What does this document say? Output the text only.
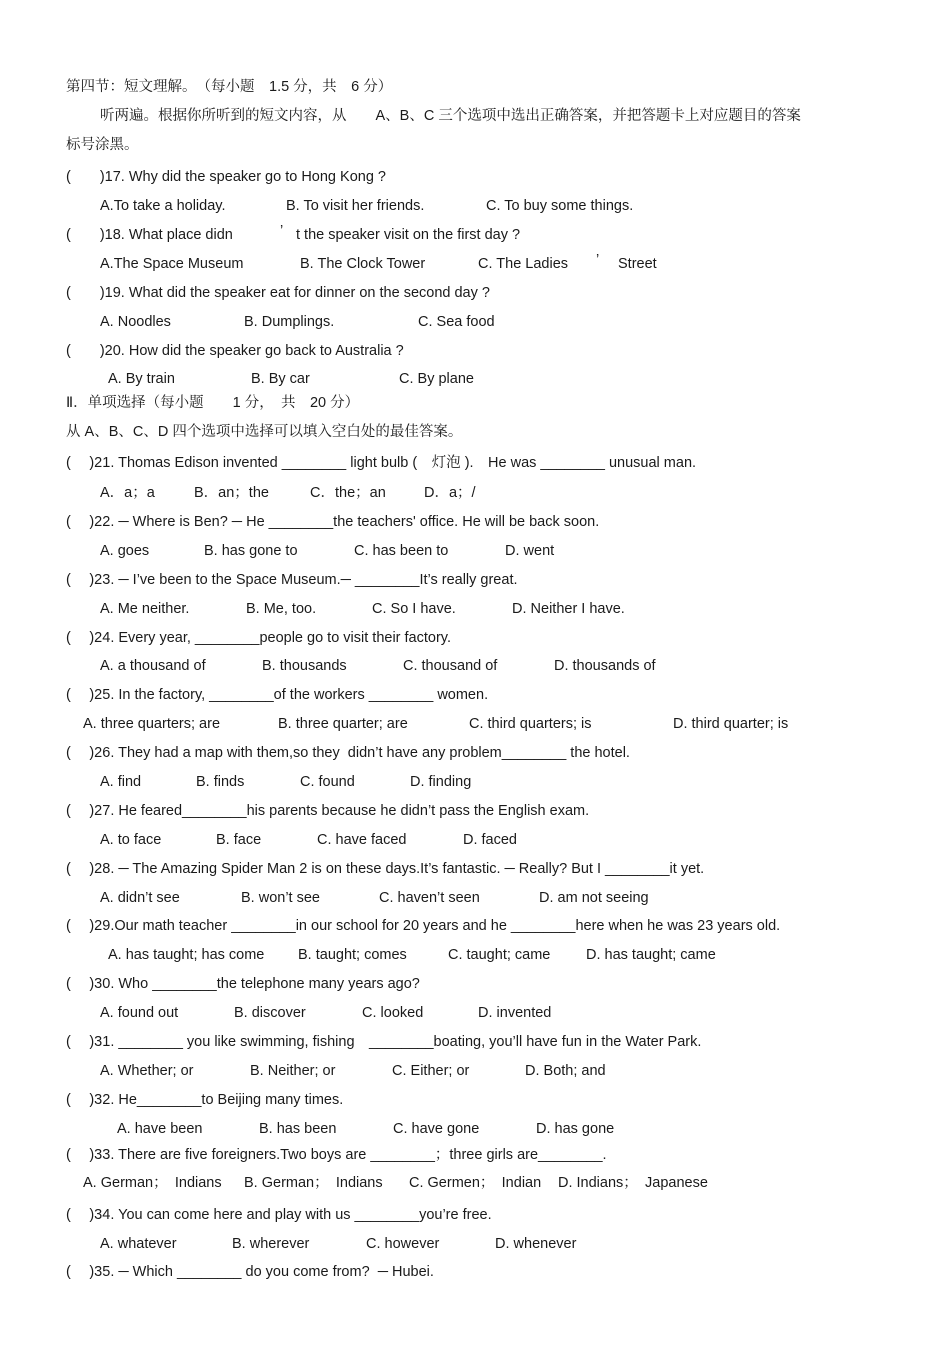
第四节：短文理解。　（每小题　1.5 分，共　6 分）
听两遍。根据你所听到的短文内容，从　　A、B、C 三个选项中选出正确答案，并把答题卡上对应题目的答案
标号涂黑。
(　　)17. Why did the speaker go to Hong Kong ?
A.To take a holiday.	B. To visit her friends.	C. To buy some things.
(　　)18. What place didn	’ t the speaker visit on the first day ?
A.The Space Museum	B. The Clock Tower	C. The Ladies ’ Street
(　　)19. What did the speaker eat for dinner on the second day ?
A. Noodles	B. Dumplings.	C. Sea food
(　　)20. How did the speaker go back to Australia ?
A. By train	B. By car	C. By plane
Ⅱ．单项选择（每小题　　1 分，　共　20 分）
从 A、B、C、D 四个选项中选择可以填入空白处的最佳答案。
(　 )21. Thomas Edison invented ________ light bulb (　灯泡 ).　He was ________ unusual man.
A．a；a	B．an；the	C．the；an	D．a；/
(　 )22. ─ Where is Ben? ─ He ________the teachers' office. He will be back soon.
A. goes	B. has gone to	C. has been to	D. went
(　 )23. ─ I’ve been to the Space Museum.─ ________It’s really great.
A. Me neither.	B. Me, too.	C. So I have.	D. Neither I have.
(　 )24. Every year, ________people go to visit their factory.
A. a thousand of	B. thousands	C. thousand of	D. thousands of
(　 )25. In the factory, ________of the workers ________ women.
A. three quarters; are	B. three quarter; are	C. third quarters; is	D. third quarter; is
(　 )26. They had a map with them,so they  didn’t have any problem________ the hotel.
A. find	B. finds	C. found	D. finding
(　 )27. He feared________his parents because he didn’t pass the English exam.
A. to face	B. face	C. have faced	D. faced
(　 )28. ─ The Amazing Spider Man 2 is on these days.It’s fantastic. ─ Really? But I ________it yet.
A. didn’t see	B. won’t see	C. haven’t seen	D. am not seeing
(　 )29.Our math teacher ________in our school for 20 years and he ________here when he was 23 years old.
A. has taught; has come B. taught; comes	C. taught; came D. has taught; came
(　 )30. Who ________the telephone many years ago?
A. found out	B. discover	C. looked	D. invented
(　 )31. ________ you like swimming, fishing　________boating, you’ll have fun in the Water Park.
A. Whether; or	B. Neither; or	C. Either; or	D. Both; and
(　 )32. He________to Beijing many times.
A. have been	B. has been	C. have gone	D. has gone
(　 )33. There are five foreigners.Two boys are ________；three girls are________.
A. German；　Indians B. German；　Indians C. Germen；　Indian D. Indians；　Japanese
(　 )34. You can come here and play with us ________you’re free.
A. whatever	B. wherever	C. however	D. whenever
(　 )35. ─ Which ________ do you come from?  ─ Hubei.
